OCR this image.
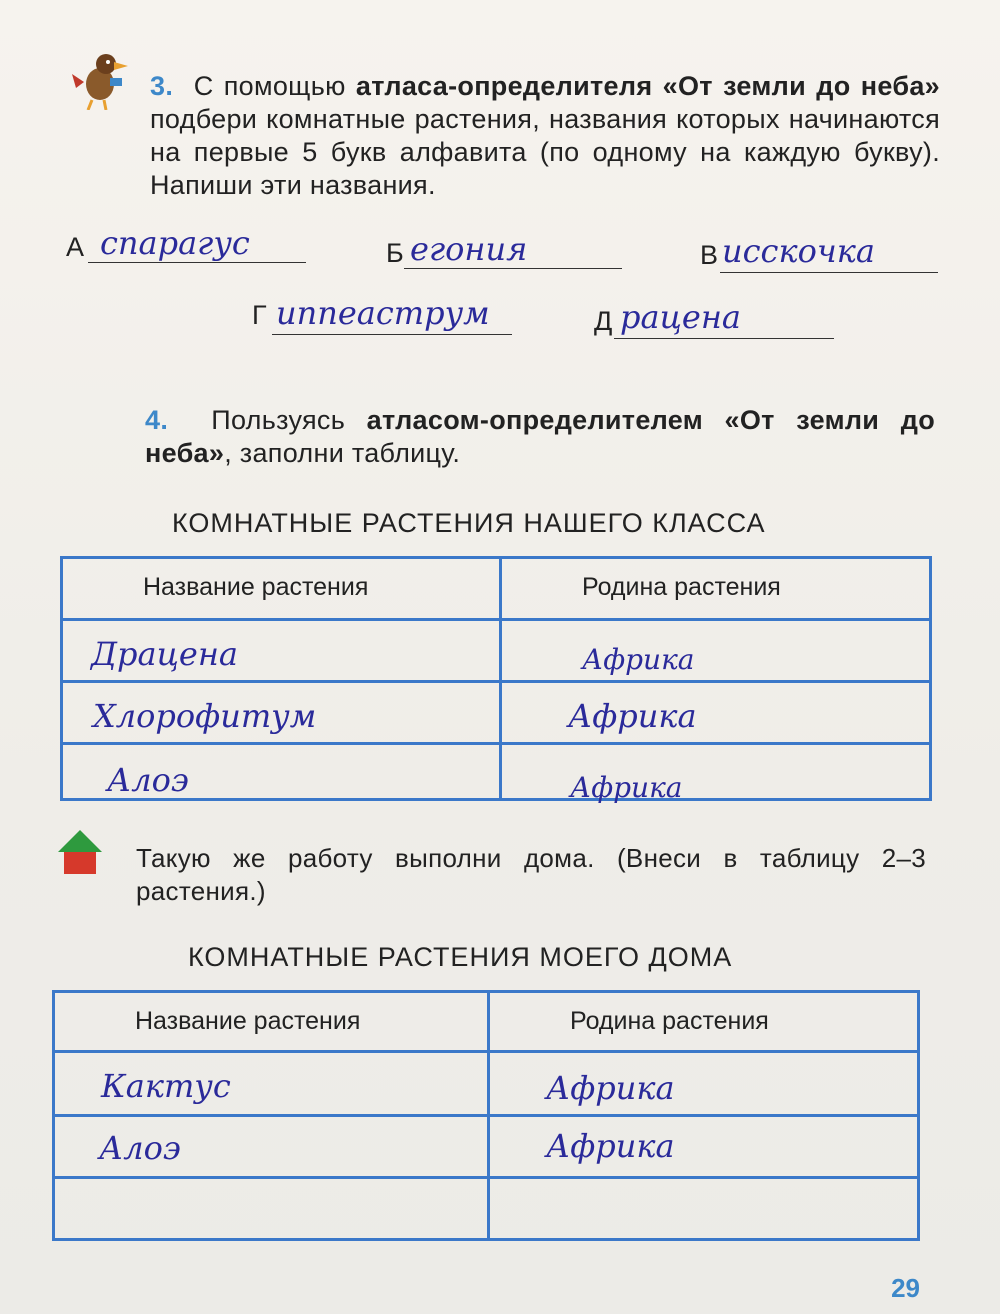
3. С помощью атласа-определителя «От земли до неба» подбери комнатные растения, названия которых начинаются на первые 5 букв алфавита (по одному на каждую букву). Напиши эти названия.
А спарагус	Б егония	В исскочка
Г иппеаструм	Д рацена
4. Пользуясь атласом-определителем «От земли до неба», заполни таблицу.
КОМНАТНЫЕ РАСТЕНИЯ НАШЕГО КЛАССА
Название растения	Родина растения

Драцена	Африка

Хлорофитум	Африка

Алоэ	Африка
Такую же работу выполни дома. (Внеси в таблицу 2–3 растения.)
КОМНАТНЫЕ РАСТЕНИЯ МОЕГО ДОМА
Название растения	Родина растения

Кактус	Африка

Алоэ	Африка

29
